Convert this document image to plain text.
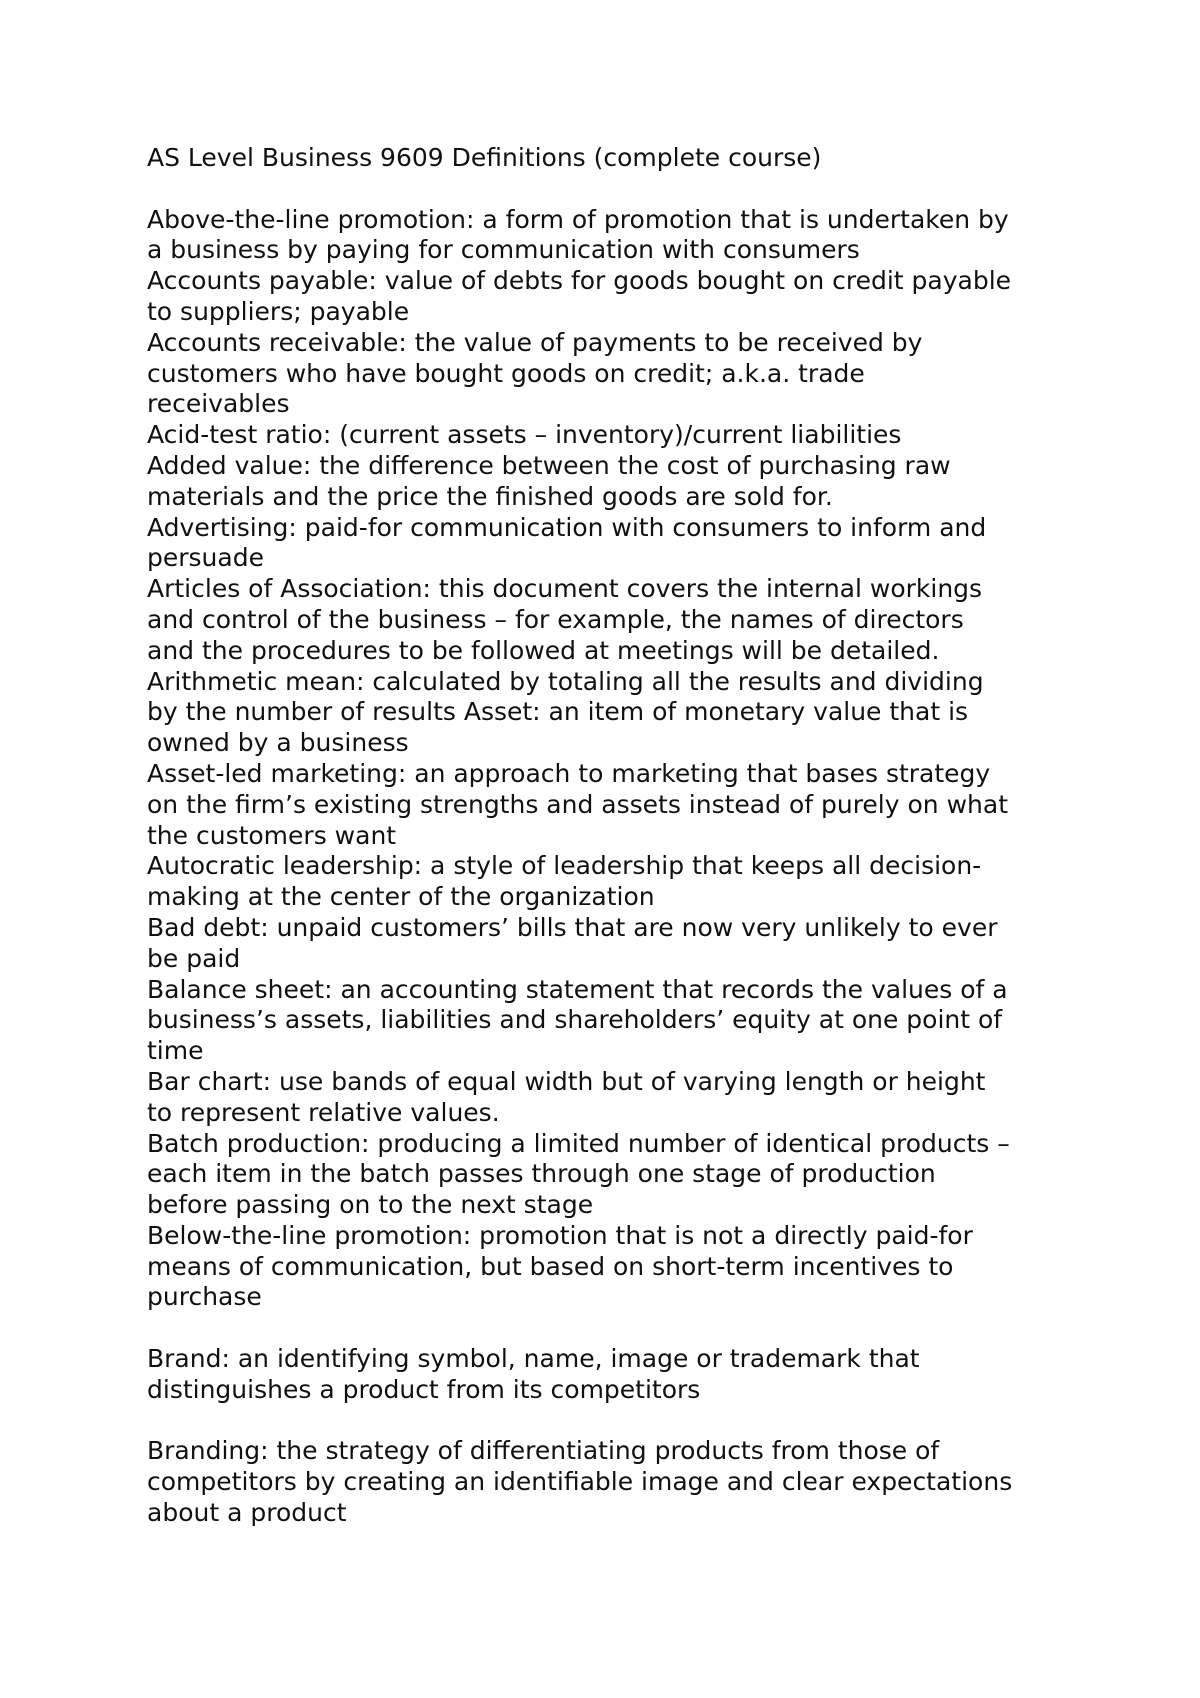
AS Level Business 9609 Definitions (complete course)

Above-the-line promotion: a form of promotion that is undertaken by

a business by paying for communication with consumers

Accounts payable: value of debts for goods bought on credit payable

to suppliers; payable

Accounts receivable: the value of payments to be received by

customers who have bought goods on credit; a.k.a. trade

receivables

Acid-test ratio: (current assets – inventory)/current liabilities

Added value: the difference between the cost of purchasing raw

materials and the price the finished goods are sold for.

Advertising: paid-for communication with consumers to inform and

persuade

Articles of Association: this document covers the internal workings

and control of the business – for example, the names of directors

and the procedures to be followed at meetings will be detailed.

Arithmetic mean: calculated by totaling all the results and dividing

by the number of results Asset: an item of monetary value that is

owned by a business

Asset-led marketing: an approach to marketing that bases strategy

on the firm’s existing strengths and assets instead of purely on what

the customers want

Autocratic leadership: a style of leadership that keeps all decision-

making at the center of the organization

Bad debt: unpaid customers’ bills that are now very unlikely to ever

be paid

Balance sheet: an accounting statement that records the values of a

business’s assets, liabilities and shareholders’ equity at one point of

time

Bar chart: use bands of equal width but of varying length or height

to represent relative values.

Batch production: producing a limited number of identical products –

each item in the batch passes through one stage of production

before passing on to the next stage

Below-the-line promotion: promotion that is not a directly paid-for

means of communication, but based on short-term incentives to

purchase

Brand: an identifying symbol, name, image or trademark that

distinguishes a product from its competitors

Branding: the strategy of differentiating products from those of

competitors by creating an identifiable image and clear expectations

about a product
